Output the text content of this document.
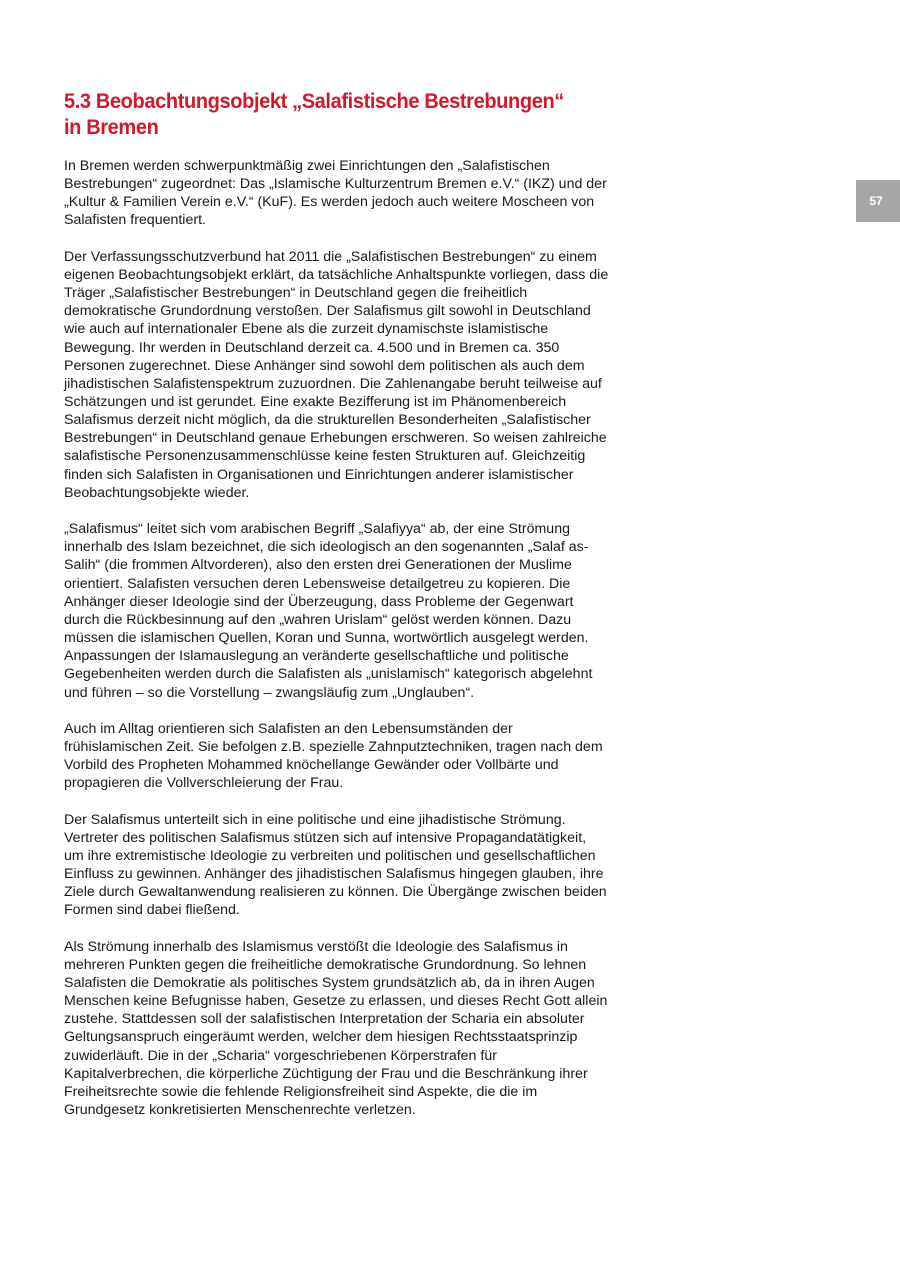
5.3 Beobachtungsobjekt „Salafistische Bestrebungen“
in Bremen
57

In Bremen werden schwerpunktmäßig zwei Einrichtungen den „Salafistischen Bestrebungen“ zugeordnet: Das „Islamische Kulturzentrum Bremen e.V.“ (IKZ) und der „Kultur & Familien Verein e.V.“ (KuF). Es werden jedoch auch weitere Moscheen von Salafisten frequentiert.

Der Verfassungsschutzverbund hat 2011 die „Salafistischen Bestrebungen“ zu einem eigenen Beobachtungsobjekt erklärt, da tatsächliche Anhaltspunkte vorliegen, dass die Träger „Salafistischer Bestrebungen“ in Deutschland gegen die freiheitlich demokratische Grundordnung verstoßen. Der Salafismus gilt sowohl in Deutschland wie auch auf internationaler Ebene als die zurzeit dynamischste islamistische Bewegung. Ihr werden in Deutschland derzeit ca. 4.500 und in Bremen ca. 350 Personen zugerechnet. Diese Anhänger sind sowohl dem politischen als auch dem jihadistischen Salafistenspektrum zuzuordnen. Die Zahlenangabe beruht teilweise auf Schätzungen und ist gerundet. Eine exakte Bezifferung ist im Phänomenbereich Salafismus derzeit nicht möglich, da die strukturellen Besonderheiten „Salafistischer Bestrebungen“ in Deutschland genaue Erhebungen erschweren. So weisen zahlreiche salafistische Personenzusammenschlüsse keine festen Strukturen auf. Gleichzeitig finden sich Salafisten in Organisationen und Einrichtungen anderer islamistischer Beobachtungsobjekte wieder.

„Salafismus“ leitet sich vom arabischen Begriff „Salafiyya“ ab, der eine Strömung innerhalb des Islam bezeichnet, die sich ideologisch an den sogenannten „Salaf as-Salih“ (die frommen Altvorderen), also den ersten drei Generationen der Muslime orientiert. Salafisten versuchen deren Lebensweise detailgetreu zu kopieren. Die Anhänger dieser Ideologie sind der Überzeugung, dass Probleme der Gegenwart durch die Rückbesinnung auf den „wahren Urislam“ gelöst werden können. Dazu müssen die islamischen Quellen, Koran und Sunna, wortwörtlich ausgelegt werden. Anpassungen der Islamauslegung an veränderte gesellschaftliche und politische Gegebenheiten werden durch die Salafisten als „unislamisch“ kategorisch abgelehnt und führen – so die Vorstellung – zwangsläufig zum „Unglauben“.

Auch im Alltag orientieren sich Salafisten an den Lebensumständen der frühislamischen Zeit. Sie befolgen z.B. spezielle Zahnputztechniken, tragen nach dem Vorbild des Propheten Mohammed knöchellange Gewänder oder Vollbärte und propagieren die Vollverschleierung der Frau.

Der Salafismus unterteilt sich in eine politische und eine jihadistische Strömung. Vertreter des politischen Salafismus stützen sich auf intensive Propagandatätigkeit, um ihre extremistische Ideologie zu verbreiten und politischen und gesellschaftlichen Einfluss zu gewinnen. Anhänger des jihadistischen Salafismus hingegen glauben, ihre Ziele durch Gewaltanwendung realisieren zu können. Die Übergänge zwischen beiden Formen sind dabei fließend.

Als Strömung innerhalb des Islamismus verstößt die Ideologie des Salafismus in mehreren Punkten gegen die freiheitliche demokratische Grundordnung. So lehnen Salafisten die Demokratie als politisches System grundsätzlich ab, da in ihren Augen Menschen keine Befugnisse haben, Gesetze zu erlassen, und dieses Recht Gott allein zustehe. Stattdessen soll der salafistischen Interpretation der Scharia ein absoluter Geltungsanspruch eingeräumt werden, welcher dem hiesigen Rechtsstaatsprinzip zuwiderläuft. Die in der „Scharia“ vorgeschriebenen Körperstrafen für Kapitalverbrechen, die körperliche Züchtigung der Frau und die Beschränkung ihrer Freiheitsrechte sowie die fehlende Religionsfreiheit sind Aspekte, die die im Grundgesetz konkretisierten Menschenrechte verletzen.
